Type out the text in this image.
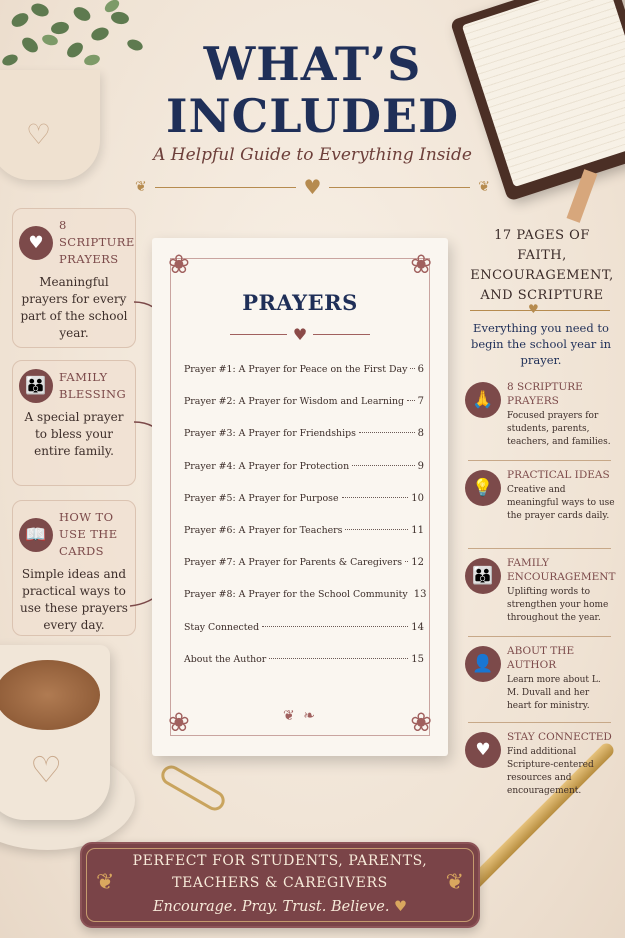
♡
♡
WHAT’S
INCLUDED
A Helpful Guide to Everything Inside
❦	♥	❦
♥
8 SCRIPTURE PRAYERS
Meaningful prayers for every part of the school year.
👪	FAMILY BLESSING
A special prayer to bless your entire family.
📖
HOW TO USE THE CARDS
Simple ideas and practical ways to use these prayers every day.
❀	❀
❀	❀
PRAYERS
♥
Prayer #1: A Prayer for Peace on the First Day 6
Prayer #2: A Prayer for Wisdom and Learning 7
Prayer #3: A Prayer for Friendships	8
Prayer #4: A Prayer for Protection	9
Prayer #5: A Prayer for Purpose	10
Prayer #6: A Prayer for Teachers	11
Prayer #7: A Prayer for Parents & Caregivers 12
Prayer #8: A Prayer for the School Community 13
Stay Connected	14
About the Author	15
❦ ❧
17 PAGES OF
FAITH,
ENCOURAGEMENT,
AND SCRIPTURE
♥
Everything you need to begin the school year in prayer.
🙏
8 SCRIPTURE PRAYERS
Focused prayers for students, parents, teachers, and families.
💡
PRACTICAL IDEAS
Creative and meaningful ways to use the prayer cards daily.
👪
FAMILY ENCOURAGEMENT
Uplifting words to strengthen your home throughout the year.
👤
ABOUT THE AUTHOR
Learn more about L. M. Duvall and her heart for ministry.
♥
STAY CONNECTED
Find additional Scripture-centered resources and encouragement.
❦	❦
PERFECT FOR STUDENTS, PARENTS,
TEACHERS & CAREGIVERS
Encourage. Pray. Trust. Believe. ♥
